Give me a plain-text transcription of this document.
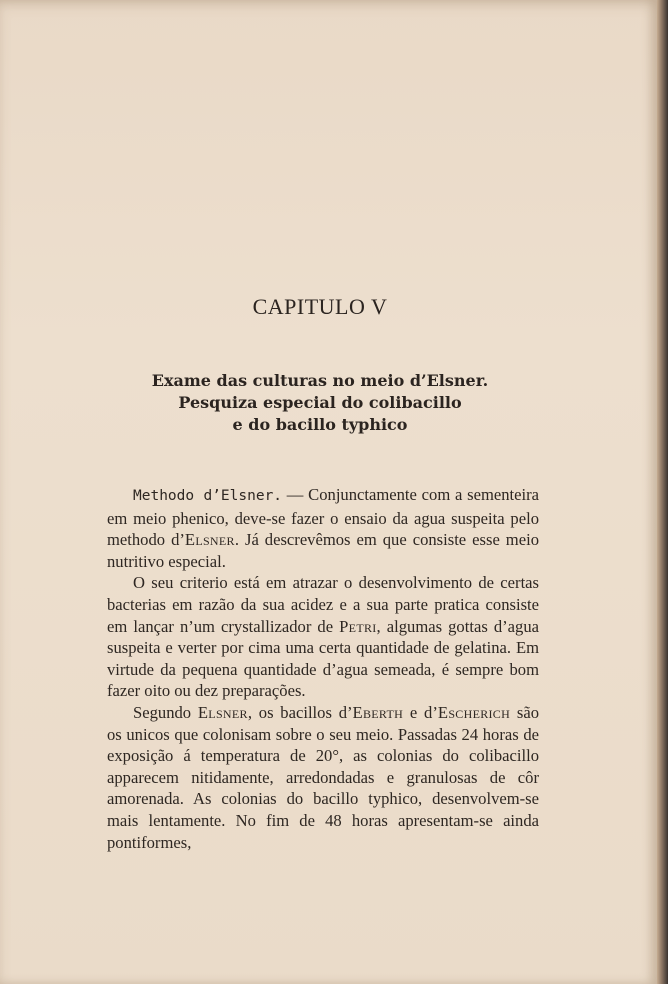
CAPITULO V
Exame das culturas no meio d’Elsner.
Pesquiza especial do colibacillo
e do bacillo typhico

Methodo d’Elsner. — Conjunctamente com a sementeira em meio phenico, deve-se fazer o ensaio da agua suspeita pelo methodo d’Elsner. Já descrevêmos em que consiste esse meio nutritivo especial.

O seu criterio está em atrazar o desenvolvimento de certas bacterias em razão da sua acidez e a sua parte pratica consiste em lançar n’um crystallizador de Petri, algumas gottas d’agua suspeita e verter por cima uma certa quantidade de gelatina. Em virtude da pequena quantidade d’agua semeada, é sempre bom fazer oito ou dez preparações.

Segundo Elsner, os bacillos d’Eberth e d’Escherich são os unicos que colonisam sobre o seu meio. Passadas 24 horas de exposição á temperatura de 20°, as colonias do colibacillo apparecem nitidamente, arredondadas e granulosas de côr amorenada. As colonias do bacillo typhico, desenvolvem-se mais lentamente. No fim de 48 horas apresentam-se ainda pontiformes,
